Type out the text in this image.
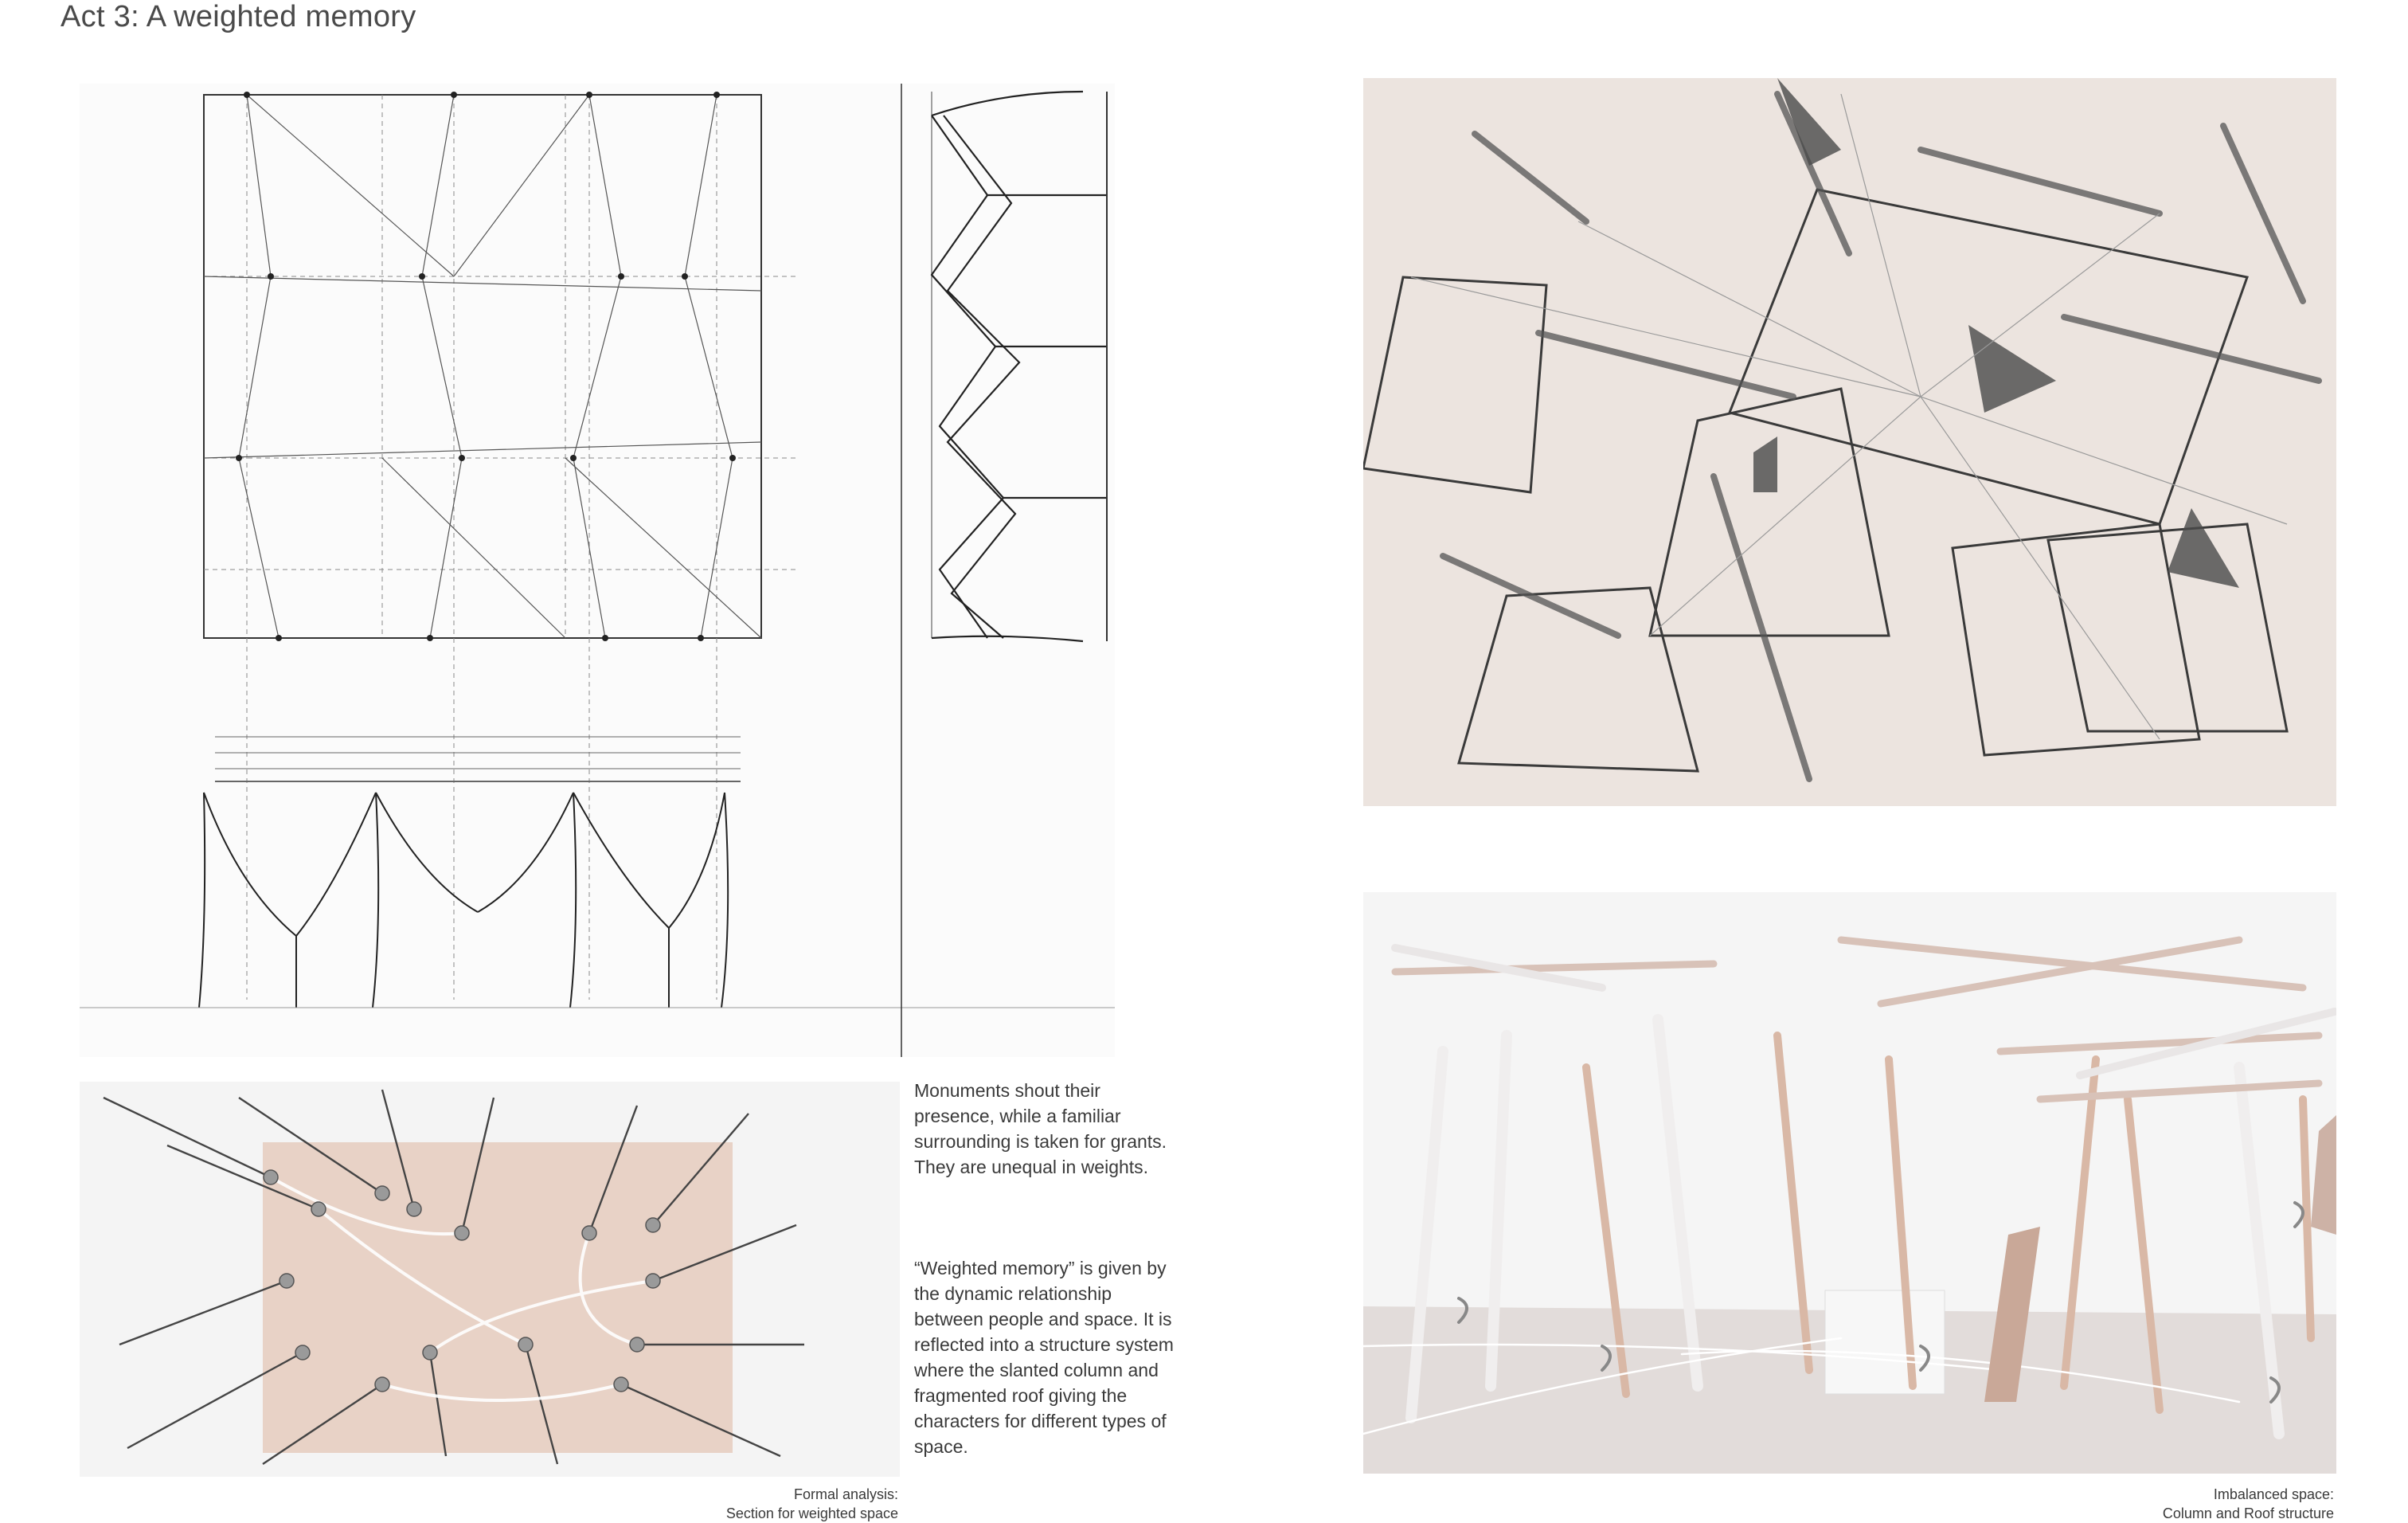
Act 3: A weighted memory

Monuments shout their presence, while a familiar surrounding is taken for grants. They are unequal in weights.

“Weighted memory” is given by the dynamic relationship between people and space. It is reflected into a structure system where the slanted column and fragmented roof giving the characters for different types of space.

Formal analysis:
Section for weighted space
Imbalanced space:
Column and Roof structure
